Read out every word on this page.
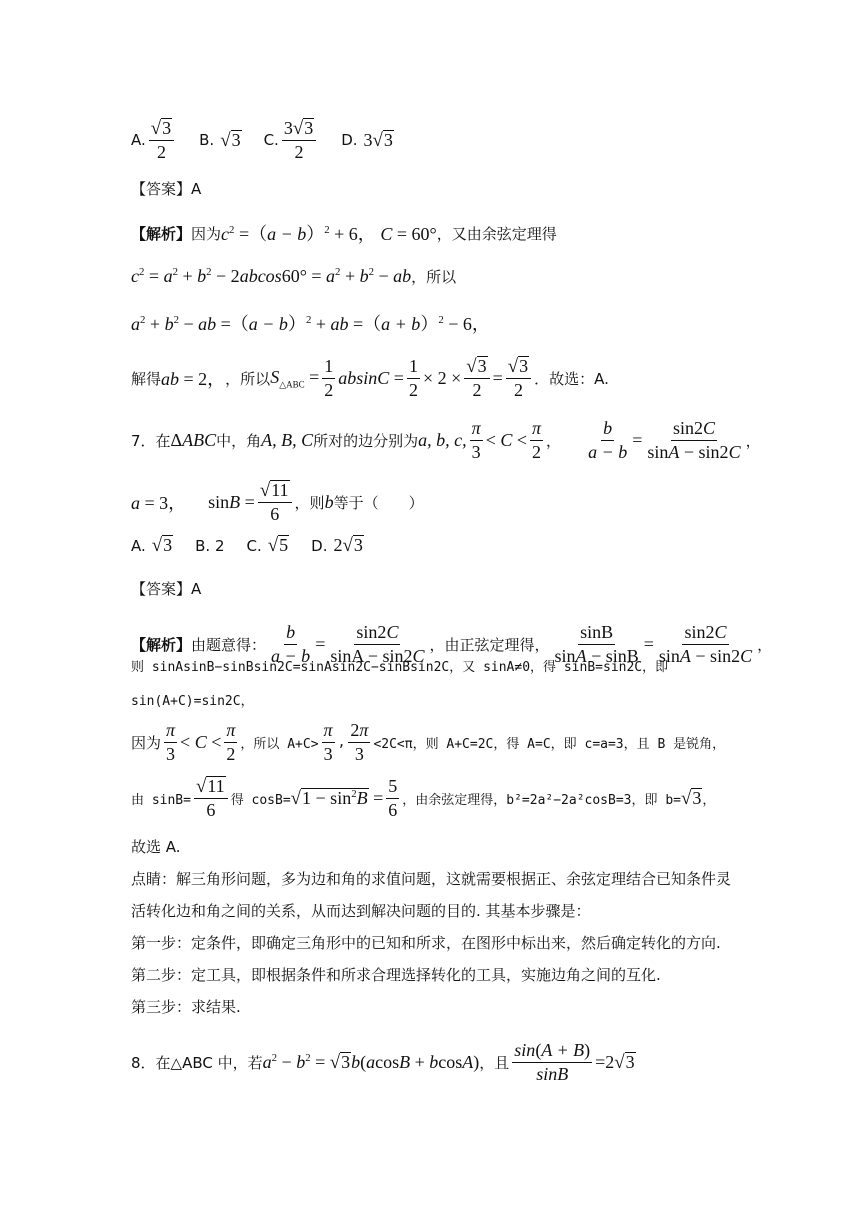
A. $\frac{√ 3}{2} B$. √ 3 C. $\frac{3 √ 3}{2} D$. 3 √ 3
【答案】A
【解析】 因为 $c^2 =(a - b)^2 + 6$， C = 60° ，又由余弦定理得
$c^2 = a^2 + b^2 - 2abcos60^\circ = a^2 + b^2$ − ab ，所以
$a^2 + b^2$ − ab $=(a - b)^2$ + ab $=(a + b)^2 - 6$，
解得 ab = 2， ，所以 $S_{\triangle ABC} = \frac{1}{2}$ $absinC = \frac{1}{2} \times 2 \times \frac{√ 3}{2} = \frac{√ 3}{2}$ ．故选：A.
7．在 ΔABC 中，角 A, B, C 所对的边分别为 a, b, c, $\frac{\pi}{3} < C < \frac{\pi}{2}$ ， $\frac{b}{a - b} = \frac{\sin 2C}{\sin A - \sin 2C}$ ，
a = 3， $\sin B = \frac{√ 11}{6}$ ，则 b 等于（　　）
A. √ 3 B. 2 C. √ 5 D. 2 √ 3
【答案】A
【解析】 由题意得： $\frac{b}{a - b} = \frac{\sin 2C}{\sin A - \sin 2C}$ ，由正弦定理得， $\frac{\sin B}{\sin A - \sin B} = \frac{\sin 2C}{\sin A - \sin 2C}$ ，
则 sinAsinB−sinBsin2C=sinAsin2C−sinBsin2C，又 sinA≠0，得 sinB=sin2C，即
sin(A+C)=sin2C，
因为 $\frac{\pi}{3} < C < \frac{\pi}{2}$ ，所以 $A+C> \frac{\pi}{3}$ , $\frac{2\pi}{3} <2C<\pi$，则 A+C=2C，得 A=C，即 c=a=3，且 B 是锐角，
由 $\sin B= \frac{√ 11}{6}$ 得 cosB= √ $1 - \sin^2B = \frac{5}{6}$ ，由余弦定理得，b²=2a²−2a²cosB=3，即 b= √ 3 ，
故选 A.
点睛：解三角形问题，多为边和角的求值问题，这就需要根据正、余弦定理结合已知条件灵
活转化边和角之间的关系，从而达到解决问题的目的. 其基本步骤是：
第一步：定条件，即确定三角形中的已知和所求，在图形中标出来，然后确定转化的方向.
第二步：定工具，即根据条件和所求合理选择转化的工具，实施边角之间的互化.
第三步：求结果.
8．在△ABC 中，若 $a^2 - b^2$ = √ 3 b(acosB + bcosA) ，且 $\frac{\sin(A + B)}{\sin B} =2$ √ 3
